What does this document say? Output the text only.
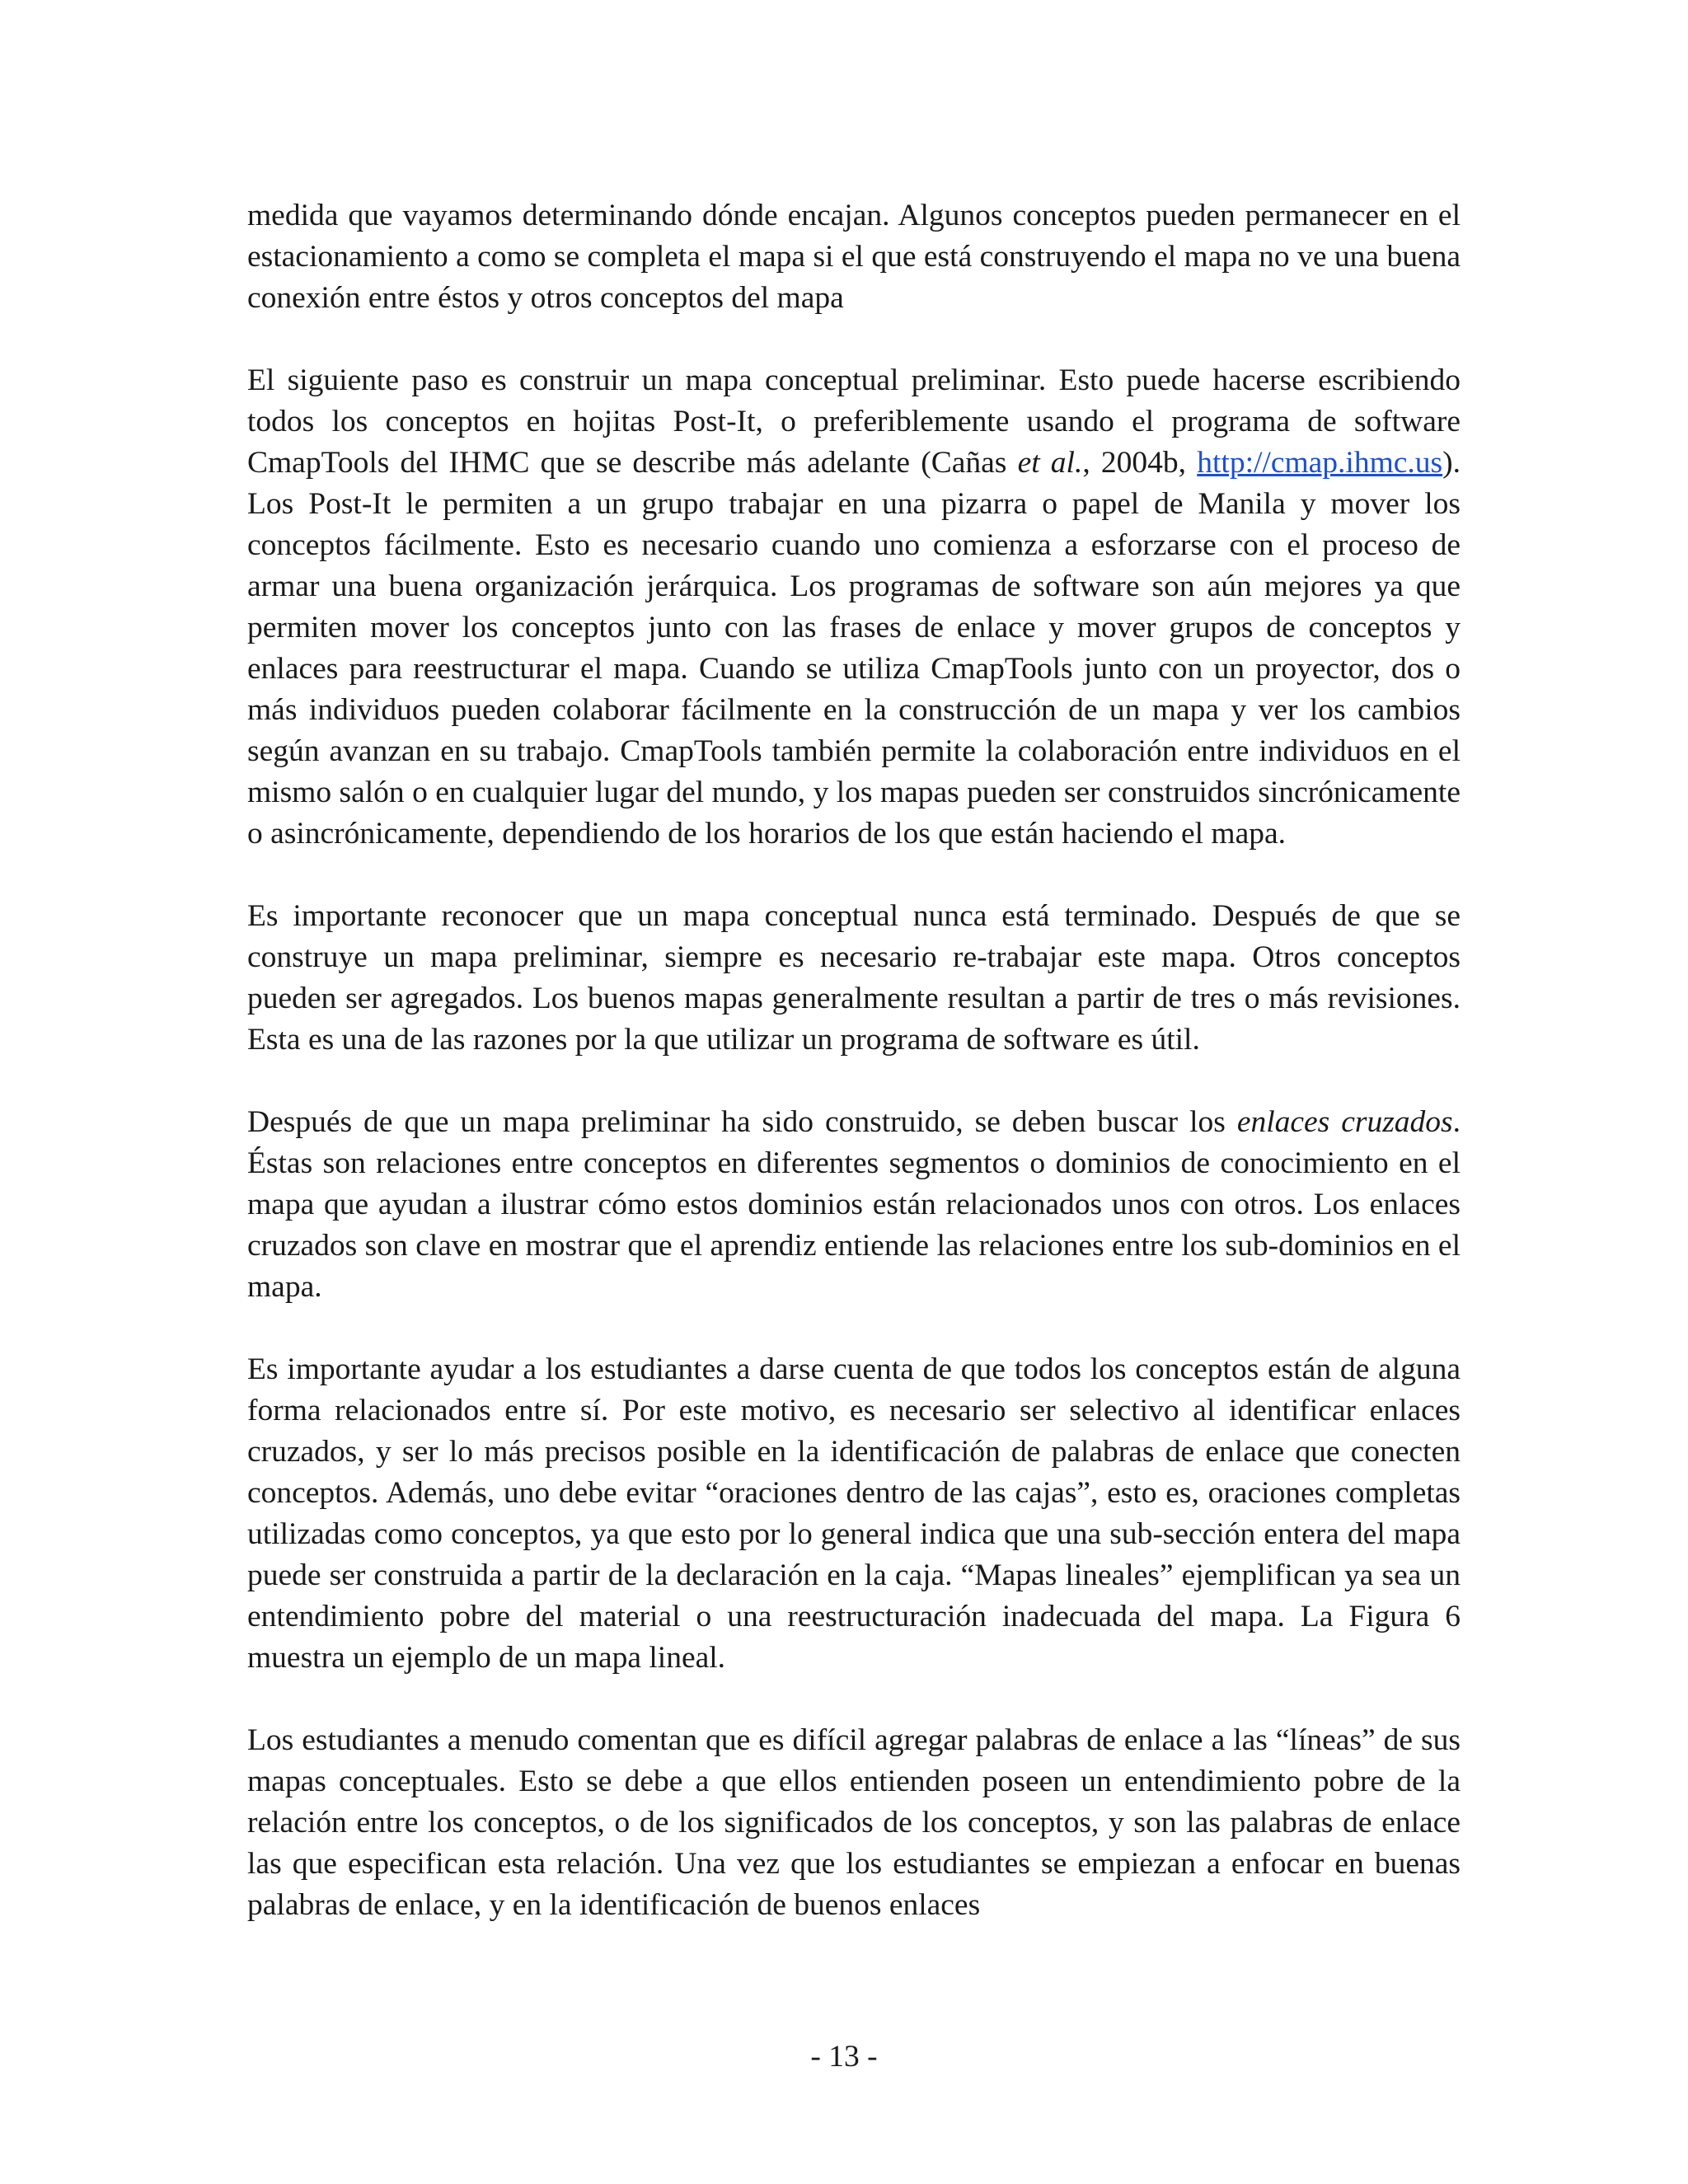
medida que vayamos determinando dónde encajan. Algunos conceptos pueden permanecer en el estacionamiento a como se completa el mapa si el que está construyendo el mapa no ve una buena conexión entre éstos y otros conceptos del mapa

El siguiente paso es construir un mapa conceptual preliminar. Esto puede hacerse escribiendo todos los conceptos en hojitas Post-It, o preferiblemente usando el programa de software CmapTools del IHMC que se describe más adelante (Cañas et al., 2004b, http://cmap.ihmc.us). Los Post-It le permiten a un grupo trabajar en una pizarra o papel de Manila y mover los conceptos fácilmente. Esto es necesario cuando uno comienza a esforzarse con el proceso de armar una buena organización jerárquica. Los programas de software son aún mejores ya que permiten mover los conceptos junto con las frases de enlace y mover grupos de conceptos y enlaces para reestructurar el mapa. Cuando se utiliza CmapTools junto con un proyector, dos o más individuos pueden colaborar fácilmente en la construcción de un mapa y ver los cambios según avanzan en su trabajo. CmapTools también permite la colaboración entre individuos en el mismo salón o en cualquier lugar del mundo, y los mapas pueden ser construidos sincrónicamente o asincrónicamente, dependiendo de los horarios de los que están haciendo el mapa.

Es importante reconocer que un mapa conceptual nunca está terminado. Después de que se construye un mapa preliminar, siempre es necesario re-trabajar este mapa. Otros conceptos pueden ser agregados. Los buenos mapas generalmente resultan a partir de tres o más revisiones. Esta es una de las razones por la que utilizar un programa de software es útil.

Después de que un mapa preliminar ha sido construido, se deben buscar los enlaces cruzados. Éstas son relaciones entre conceptos en diferentes segmentos o dominios de conocimiento en el mapa que ayudan a ilustrar cómo estos dominios están relacionados unos con otros. Los enlaces cruzados son clave en mostrar que el aprendiz entiende las relaciones entre los sub-dominios en el mapa.

Es importante ayudar a los estudiantes a darse cuenta de que todos los conceptos están de alguna forma relacionados entre sí. Por este motivo, es necesario ser selectivo al identificar enlaces cruzados, y ser lo más precisos posible en la identificación de palabras de enlace que conecten conceptos. Además, uno debe evitar “oraciones dentro de las cajas”, esto es, oraciones completas utilizadas como conceptos, ya que esto por lo general indica que una sub-sección entera del mapa puede ser construida a partir de la declaración en la caja. “Mapas lineales” ejemplifican ya sea un entendimiento pobre del material o una reestructuración inadecuada del mapa. La Figura 6 muestra un ejemplo de un mapa lineal.

Los estudiantes a menudo comentan que es difícil agregar palabras de enlace a las “líneas” de sus mapas conceptuales. Esto se debe a que ellos entienden poseen un entendimiento pobre de la relación entre los conceptos, o de los significados de los conceptos, y son las palabras de enlace las que especifican esta relación. Una vez que los estudiantes se empiezan a enfocar en buenas palabras de enlace, y en la identificación de buenos enlaces

- 13 -
